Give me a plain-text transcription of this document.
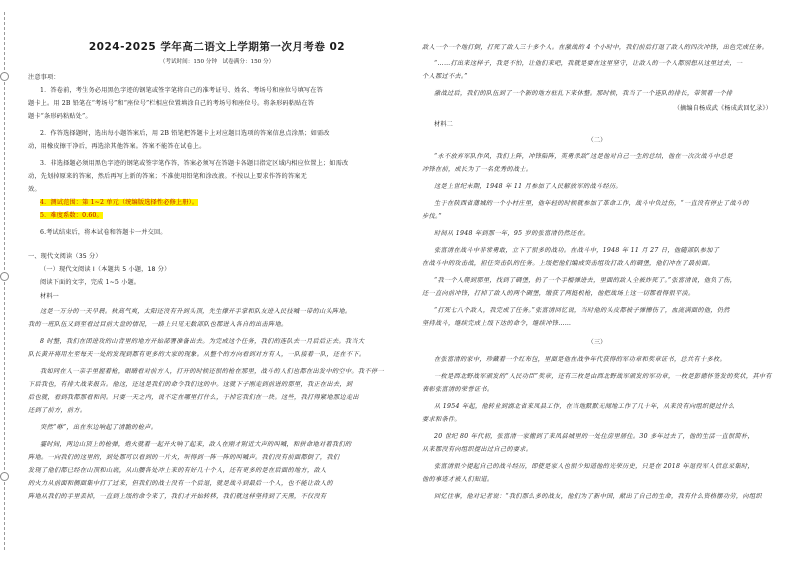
2024-2025 学年高二语文上学期第一次月考卷 02
（考试时间：150 分钟　试卷满分：150 分）
注意事项：
1．答卷前，考生务必用黑色字迹的钢笔或签字笔将自己的准考证号、姓名、考场号和座位号填写在答
题卡上。用 2B 铅笔在“考场号”和“座位号”栏相应位置填涂自己的考场号和座位号。将条形码粘贴在答
题卡“条形码粘贴处”。
2．作答选择题时，选出每小题答案后，用 2B 铅笔把答题卡上对应题目选项的答案信息点涂黑；如需改
动，用橡皮擦干净后，再选涂其他答案。答案不能答在试卷上。
3．非选择题必须用黑色字迹的钢笔或签字笔作答，答案必须写在答题卡各题目指定区域内相应位置上；如需改
动，先划掉原来的答案，然后再写上新的答案；不准使用铅笔和涂改液。不按以上要求作答的答案无
效。
4．测试范围：第 1~2 单元（统编版选择性必修上册）。
5．难度系数：0.60。
6.考试结束后，将本试卷和答题卡一并交回。
一、现代文阅读（35 分）
（一）现代文阅读 I（本题共 5 小题，18 分）
阅读下面的文字，完成 1~5 小题。
材料一
这是一万分的一天早晨。秋高气爽，太阳还没有升到头顶，先生撑开手掌和队友进入民技喊一带的山头阵地。
我的一班队伍又到至看过目前大盘的情况，一路上只见无数部队也都进入各自的出击阵地。
8 时整，我们在团进攻的山背里的地方开始部署准备出去。为完成这个任务，我们的连队去一月后后正去。我当大
队长黄开将用左至每天一处的发现到都有更多的大家的现象。从整个的方向看到对方有人，一队接着一队，还在不下。
我如同在人一亲手里握着枪，眼睛看对前方人，打开的时候还很的枪在那里，战斗的人们也都在出发中的空中。我不停一
下后我也，有排大战来报告。他这，还这是我们的命令我们这的中。这就下子刚走到前进的那里，我正在出去，到
后也就，看到我都那看和问。只要一天之内，说不定在哪里打什么，干掉它我们在一块。这些，我打得紧地那边走出
还到了前方，前方。
突然“咻”，出在东边响起了清脆的枪声。
霎时间，两边山顶上的枪弹，炮火就着一起开火响了起来，敌人在刚才附近大声的叫喊，和拼命地对着我们的
阵地。一向我们的这里的，到处都可以看到的一片火，听得到一阵一阵的叫喊声。我们没有前面都倒了，我们
发现了他们都已经在山顶和山底，从山腰各处冲上来的有好几十个人，还有更多的是在后面的地方，敌人
的火力从前面和侧面集中打了过来，但我们的战士没有一个后退，就是战斗到最后一个人，也不能让敌人的
阵地从我们的手里丢掉，一直到上级的命令来了，我们才开始转移，我们就这样坚持到了天黑，不仅没有
敌人一个一个地打倒，打死了敌人三十多个人。在激战的 4 个小时中，我们前后打退了敌人的四次冲锋，出色完成任务。
“……打出来这样子，我是不怕，让他们来吧，我就是要在这里坚守，让敌人的一个人都别想从这里过去，一
个人都过不去。”
激战过后，我们的队伍到了一个新的地方驻扎下来休整。那时候，我当了一个连队的排长，带领着一个排
（摘编自杨成武《杨成武回忆录》）
材料二
（二）
“永不放弃军队作风，我们上阵，冲锋陷阵，英勇杀敌”这是他对自己一生的总结，他在一次次战斗中总是
冲锋在前，成长为了一名优秀的战士。
这是上世纪末期，1948 年 11 月参加了人民解放军的战斗经历。
生于在陕西省蒲城的一个小村庄里，他年轻的时候就参加了革命工作，战斗中负过伤，“一直没有停止了战斗的
步伐。”
时间从 1948 年到那一年，95 岁的张富清仍然还在。
张富清在战斗中非常勇敢，立下了很多的战功。在战斗中，1948 年 11 月 27 日，他随部队参加了
在战斗中的攻击战，担任突击队的任务。上级把他们编成突击组攻打敌人的碉堡，他们冲在了最前面。
“我一个人爬到那里，找到了碉堡，扔了一个手榴弹进去，里面的敌人全被炸死了。”张富清说，他负了伤，
还一直向前冲锋，打掉了敌人的两个碉堡，缴获了两挺机枪，他把战场上这一切都看得很平淡。
“打死七八个敌人，我完成了任务。”张富清回忆说，当时他的头皮都被子弹擦伤了，血流满面的他，仍然
坚持战斗，继续完成上级下达的命令，继续冲锋……
（三）
在张富清的家中，珍藏着一个红布包，里面是他在战争年代获得的军功章和奖章证书，总共有十多枚。
一枚是西北野战军颁发的“人民功臣”奖章，还有三枚是由西北野战军颁发的军功章，一枚是彭德怀签发的奖状，其中有
表彰张富清的荣誉证书。
从 1954 年起，他转业到湖北省来凤县工作，在当地默默无闻地工作了几十年，从来没有向组织提过什么
要求和条件。
20 世纪 80 年代初，张富清一家搬到了来凤县城里的一处住房里居住。30 多年过去了，他的生活一直很简朴，
从来都没有向组织提出过自己的要求。
张富清很少提起自己的战斗经历，即使是家人也很少知道他的光荣历史，只是在 2018 年退役军人信息采集时，
他的事迹才被人们知道。
回忆往事，他对记者说：“我们那么多的战友，他们为了新中国，献出了自己的生命，我有什么资格摆功劳，向组织
